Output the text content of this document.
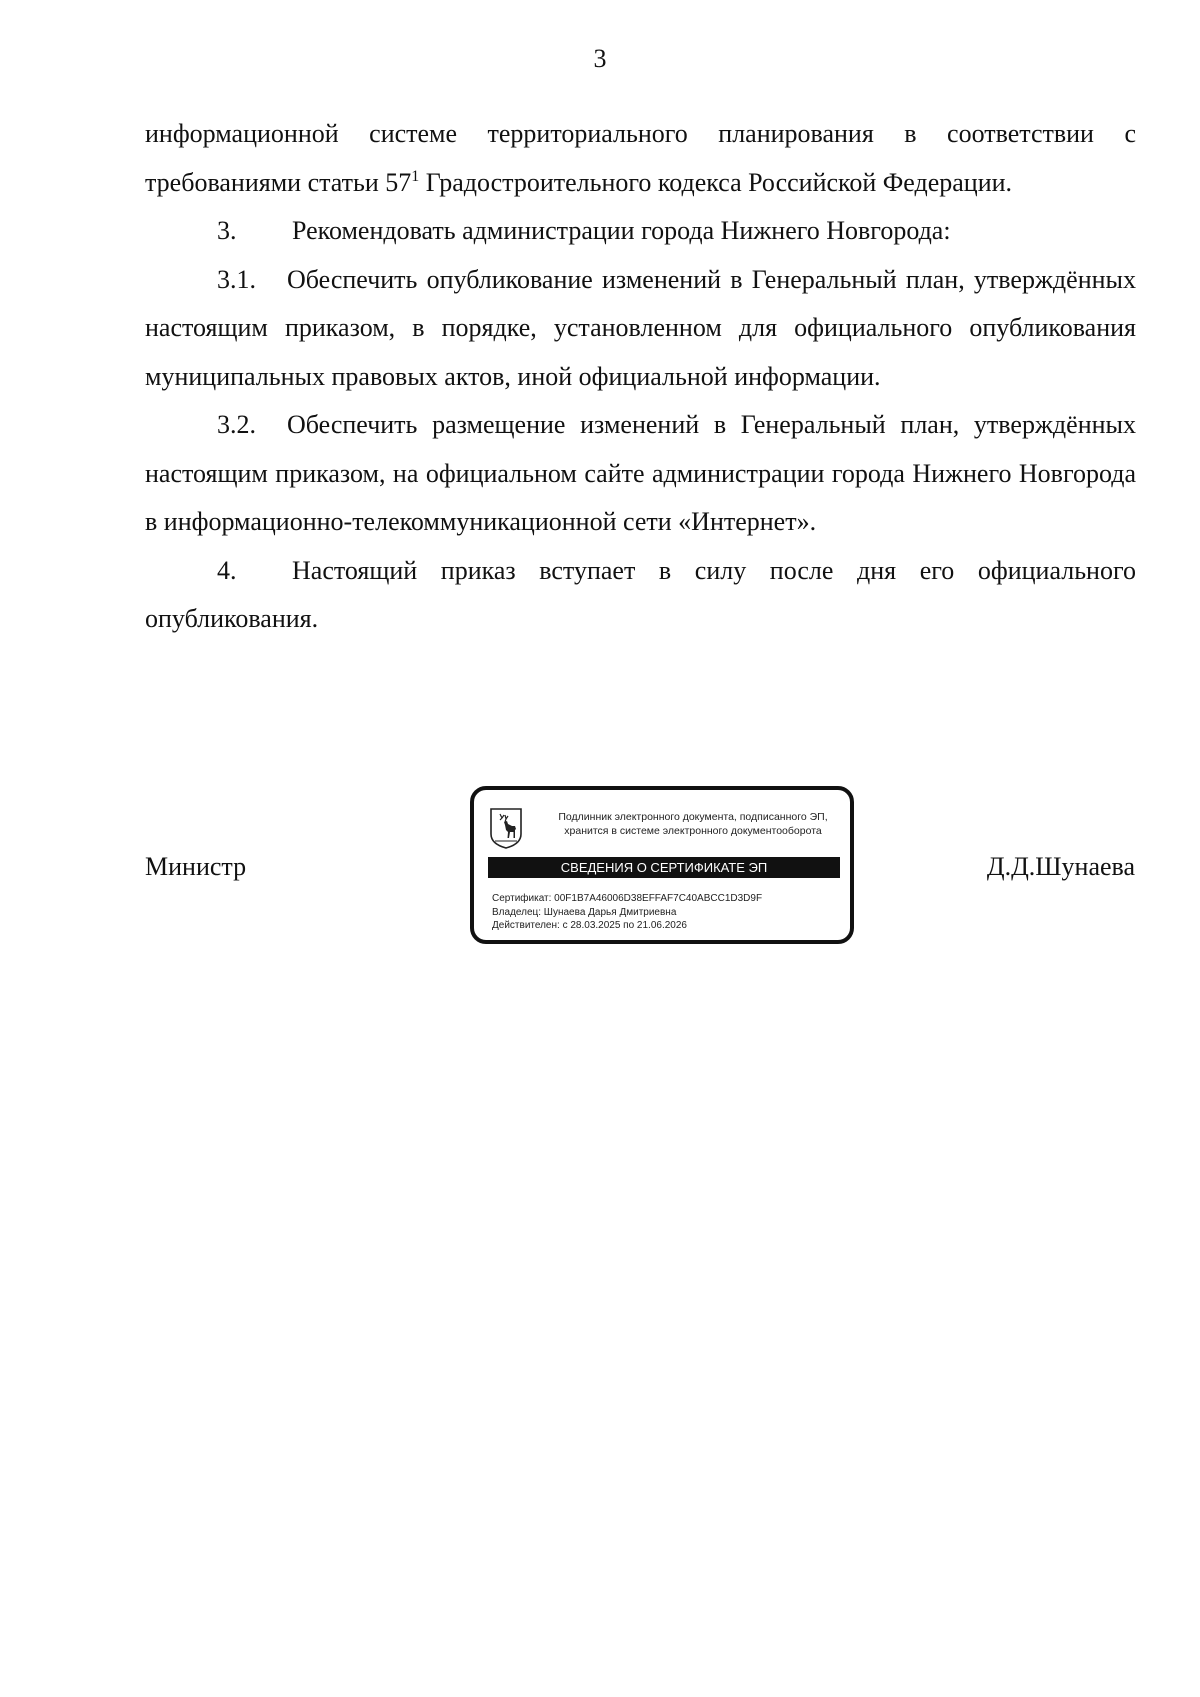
3

информационной системе территориального планирования в соответствии с требованиями статьи $57^1$ Градостроительного кодекса Российской Федерации.

3. Рекомендовать администрации города Нижнего Новгорода:

3.1. Обеспечить опубликование изменений в Генеральный план, утверждённых настоящим приказом, в порядке, установленном для официального опубликования муниципальных правовых актов, иной официальной информации.

3.2. Обеспечить размещение изменений в Генеральный план, утверждённых настоящим приказом, на официальном сайте администрации города Нижнего Новгорода в информационно-телекоммуникационной сети «Интернет».

4. Настоящий приказ вступает в силу после дня его официального опубликования.

Министр
Подлинник электронного документа, подписанного ЭП,
хранится в системе электронного документооборота
СВЕДЕНИЯ О СЕРТИФИКАТЕ ЭП
Сертификат: 00F1B7A46006D38EFFAF7C40ABCC1D3D9F
Владелец: Шунаева Дарья Дмитриевна
Действителен: с 28.03.2025 по 21.06.2026
Д.Д.Шунаева
